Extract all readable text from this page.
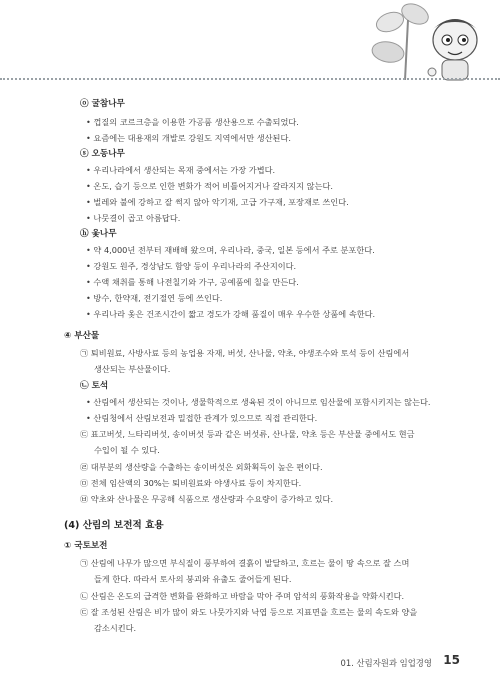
ⓞ 굴참나무
• 껍질의 코르크층을 이용한 가공품 생산용으로 수출되었다.
• 요즘에는 대용재의 개발로 강원도 지역에서만 생산된다.
ⓢ 오동나무
• 우리나라에서 생산되는 목재 중에서는 가장 가볍다.
• 온도, 습기 등으로 인한 변화가 적어 비틀어지거나 갈라지지 않는다.
• 벌레와 불에 강하고 잘 썩지 않아 악기재, 고급 가구재, 포장재로 쓰인다.
• 나뭇결이 곱고 아름답다.
ⓗ 옻나무
• 약 4,000년 전부터 재배해 왔으며, 우리나라, 중국, 일본 등에서 주로 분포한다.
• 강원도 원주, 경상남도 함양 등이 우리나라의 주산지이다.
• 수액 채취를 통해 나전칠기와 가구, 공예품에 칠을 만든다.
• 방수, 한약재, 전기절연 등에 쓰인다.
• 우리나라 옻은 건조시간이 짧고 경도가 강해 품질이 매우 우수한 상품에 속한다.
④ 부산물
㉠ 퇴비원료, 사방사료 등의 농업용 자재, 버섯, 산나물, 약초, 야생조수와 토석 등이 산림에서
생산되는 부산물이다.
㉡ 토석
• 산림에서 생산되는 것이나, 생물학적으로 생육된 것이 아니므로 임산물에 포함시키지는 않는다.
• 산림청에서 산림보전과 밀접한 관계가 있으므로 직접 관리한다.
㉢ 표고버섯, 느타리버섯, 송이버섯 등과 같은 버섯류, 산나물, 약초 등은 부산물 중에서도 현금
수입이 될 수 있다.
㉣ 대부분의 생산량을 수출하는 송이버섯은 외화획득이 높은 편이다.
㉤ 전체 임산액의 30%는 퇴비원료와 야생사료 등이 차지한다.
㉥ 약초와 산나물은 무공해 식품으로 생산량과 수요량이 증가하고 있다.
(4) 산림의 보전적 효용
① 국토보전
㉠ 산림에 나무가 많으면 부식질이 풍부하여 결흙이 발달하고, 흐르는 물이 땅 속으로 잘 스며
들게 한다. 따라서 토사의 붕괴와 유출도 줄어들게 된다.
㉡ 산림은 온도의 급격한 변화를 완화하고 바람을 막아 주며 암석의 풍화작용을 약화시킨다.
㉢ 잘 조성된 산림은 비가 많이 와도 나뭇가지와 낙엽 등으로 지표면을 흐르는 물의 속도와 양을
감소시킨다.
01. 산림자원과 임업경영 15
